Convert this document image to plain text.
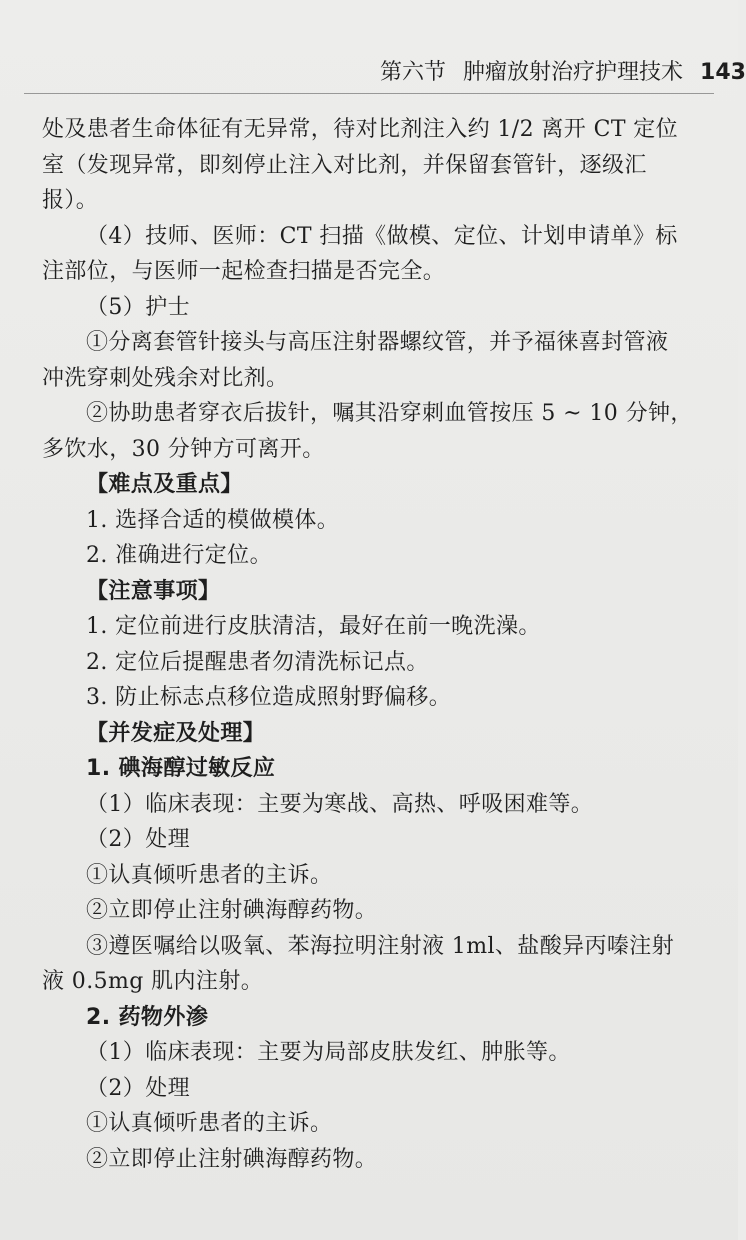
第六节 肿瘤放射治疗护理技术 143

处及患者生命体征有无异常，待对比剂注入约 1/2 离开 CT 定位

室（发现异常，即刻停止注入对比剂，并保留套管针，逐级汇

报）。

（4）技师、医师：CT 扫描《做模、定位、计划申请单》标

注部位，与医师一起检查扫描是否完全。

（5）护士

①分离套管针接头与高压注射器螺纹管，并予福徕喜封管液

冲洗穿刺处残余对比剂。

②协助患者穿衣后拔针，嘱其沿穿刺血管按压 5 ~ 10 分钟，

多饮水，30 分钟方可离开。

【难点及重点】

1. 选择合适的模做模体。

2. 准确进行定位。

【注意事项】

1. 定位前进行皮肤清洁，最好在前一晚洗澡。

2. 定位后提醒患者勿清洗标记点。

3. 防止标志点移位造成照射野偏移。

【并发症及处理】

1. 碘海醇过敏反应

（1）临床表现：主要为寒战、高热、呼吸困难等。

（2）处理

①认真倾听患者的主诉。

②立即停止注射碘海醇药物。

③遵医嘱给以吸氧、苯海拉明注射液 1ml、盐酸异丙嗪注射

液 0.5mg 肌内注射。

2. 药物外渗

（1）临床表现：主要为局部皮肤发红、肿胀等。

（2）处理

①认真倾听患者的主诉。

②立即停止注射碘海醇药物。
